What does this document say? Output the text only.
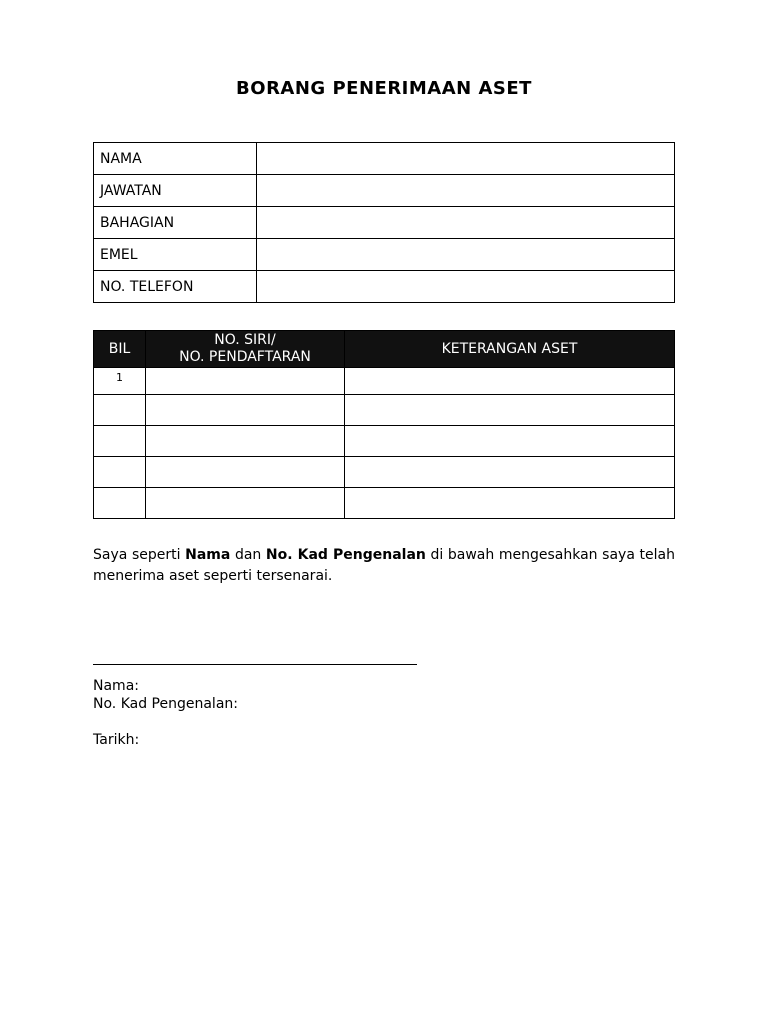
BORANG PENERIMAAN ASET
NAMA	
JAWATAN	
BAHAGIAN	
EMEL	
NO. TELEFON	
BIL	NO. SIRI/
NO. PENDAFTARAN	KETERANGAN ASET
1		

Saya seperti Nama dan No. Kad Pengenalan di bawah mengesahkan saya telah menerima aset seperti tersenarai.
Nama:
No. Kad Pengenalan:
Tarikh:
